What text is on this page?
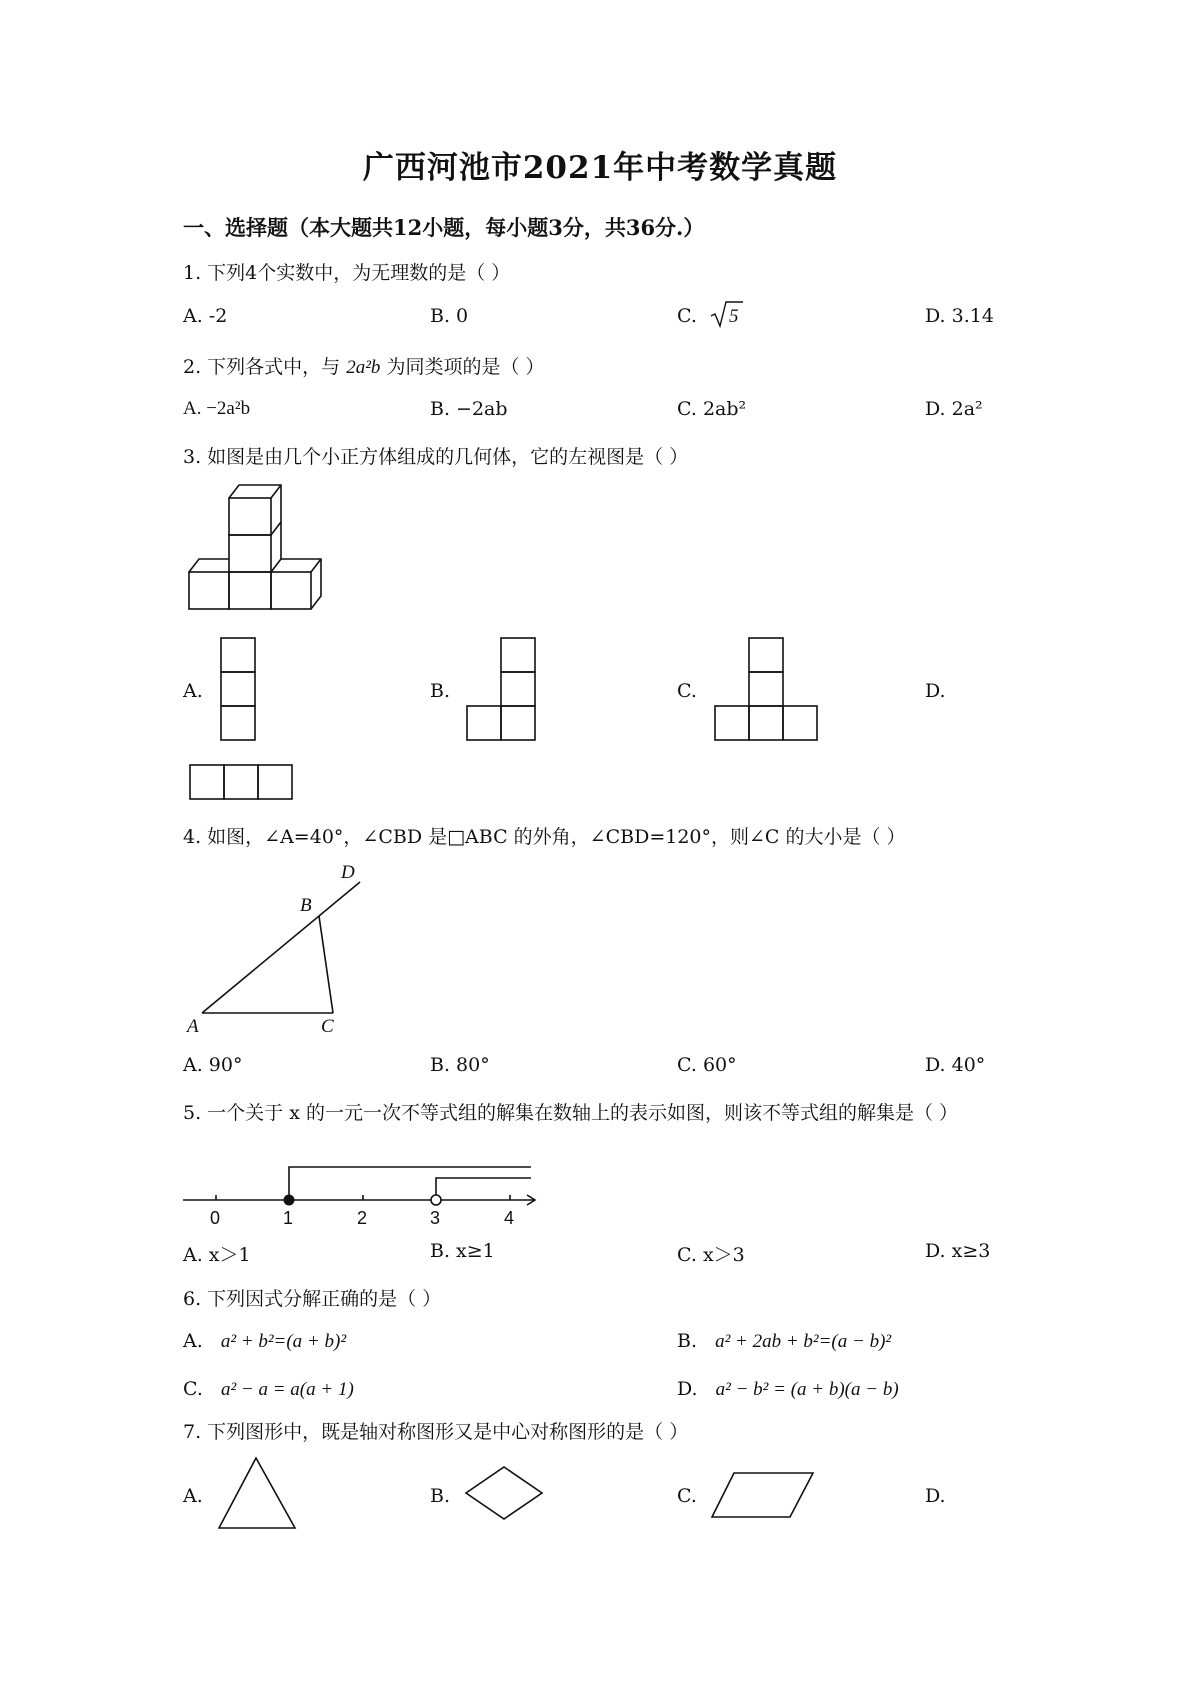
广西河池市2021年中考数学真题
一、选择题（本大题共12小题，每小题3分，共36分.）
1. 下列4个实数中，为无理数的是（ ）
A. -2	B. 0	C. 5	D. 3.14
2. 下列各式中，与 2a²b 为同类项的是（ ）
A. −2a²b	B. −2ab	C. 2ab²	D. 2a²
3. 如图是由几个小正方体组成的几何体，它的左视图是（ ）
A.	B.	C.	D.
4. 如图，∠A=40°，∠CBD 是□ABC 的外角，∠CBD=120°，则∠C 的大小是（ ）
D
B
A	C
A. 90°	B. 80°	C. 60°	D. 40°
5. 一个关于 x 的一元一次不等式组的解集在数轴上的表示如图，则该不等式组的解集是（ ）
0	1	2	3	4
A. x＞1	B. x≥1	C. x＞3	D. x≥3
6. 下列因式分解正确的是（ ）
A. a² + b²=(a + b)²	B. a² + 2ab + b²=(a − b)²
C. a² − a = a(a + 1)	D. a² − b² = (a + b)(a − b)
7. 下列图形中，既是轴对称图形又是中心对称图形的是（ ）
A.	B.	C.	D.
